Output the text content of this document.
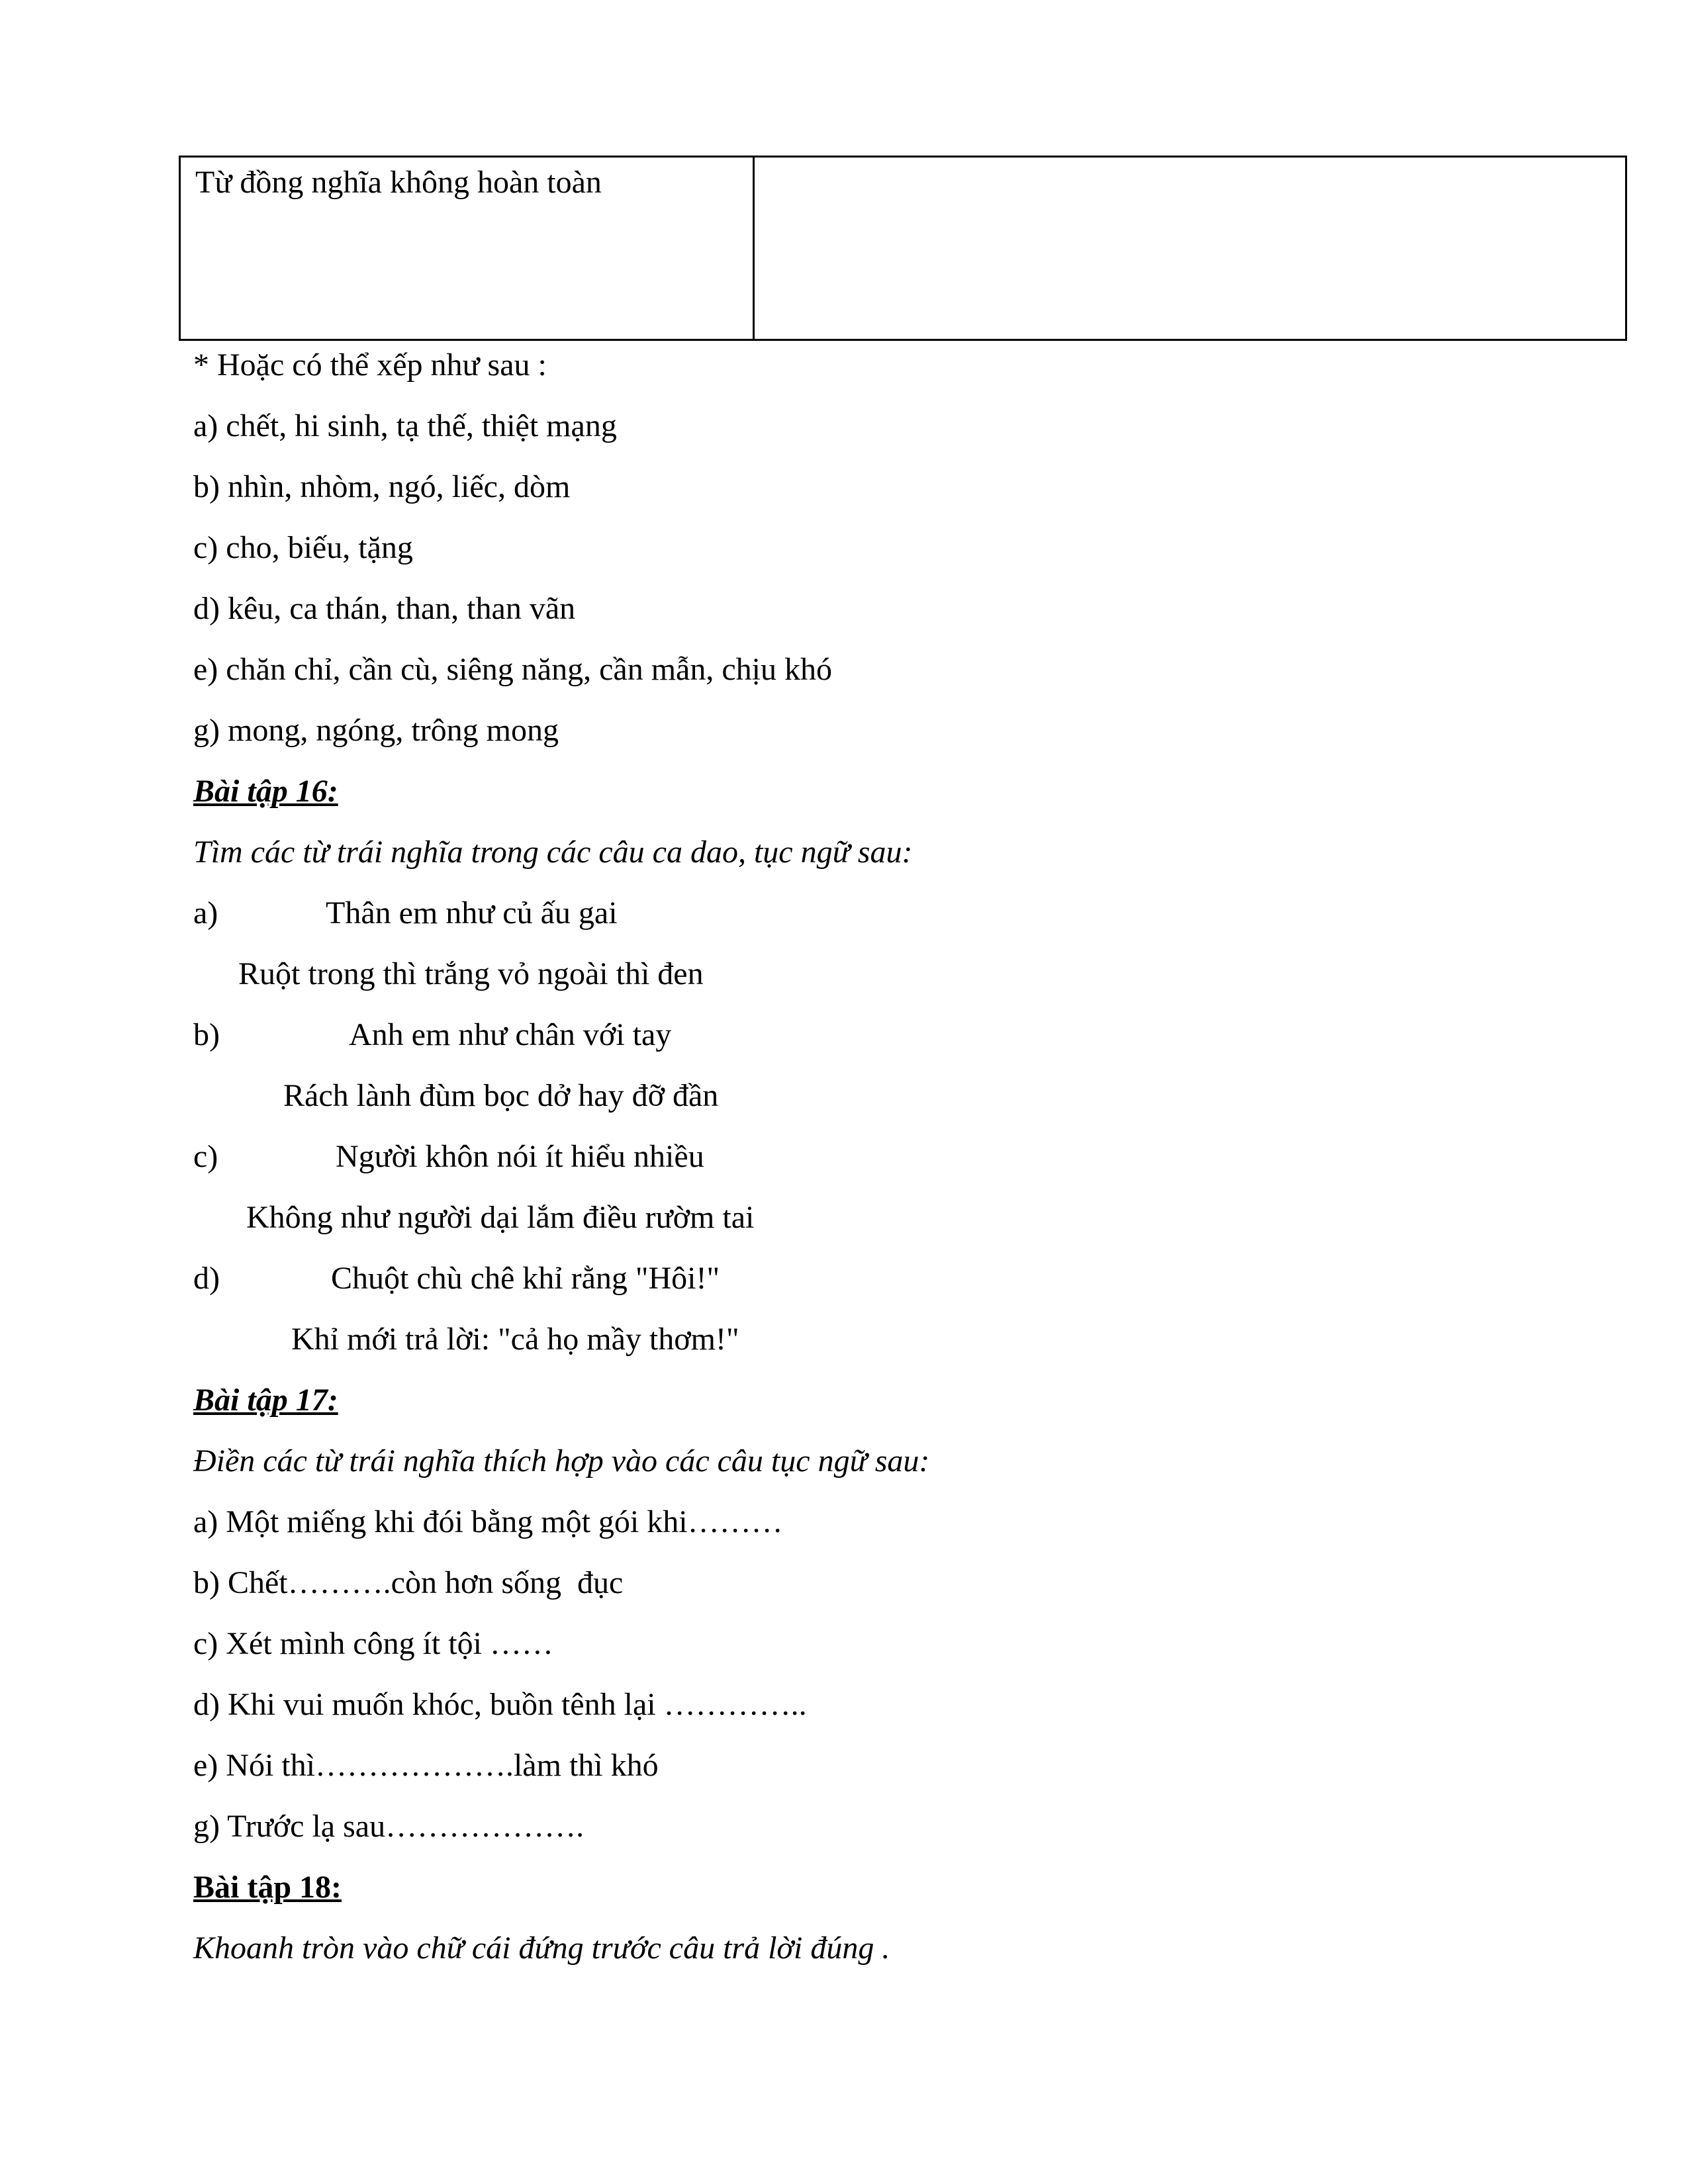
Từ đồng nghĩa không hoàn toàn	
* Hoặc có thể xếp như sau :
a) chết, hi sinh, tạ thế, thiệt mạng
b) nhìn, nhòm, ngó, liếc, dòm
c) cho, biếu, tặng
d) kêu, ca thán, than, than vãn
e) chăn chỉ, cần cù, siêng năng, cần mẫn, chịu khó
g) mong, ngóng, trông mong
Bài tập 16:
Tìm các từ trái nghĩa trong các câu ca dao, tục ngữ sau:
a)	Thân em như củ ấu gai
Ruột trong thì trắng vỏ ngoài thì đen
b)	Anh em như chân với tay
Rách lành đùm bọc dở hay đỡ đần
c)	Người khôn nói ít hiểu nhiều
Không như người dại lắm điều rườm tai
d)	Chuột chù chê khỉ rằng "Hôi!"
Khỉ mới trả lời: "cả họ mầy thơm!"
Bài tập 17:
Điền các từ trái nghĩa thích hợp vào các câu tục ngữ sau:
a) Một miếng khi đói bằng một gói khi………
b) Chết……….còn hơn sống  đục
c) Xét mình công ít tội ……
d) Khi vui muốn khóc, buồn tênh lại …………..
e) Nói thì……………….làm thì khó
g) Trước lạ sau……………….
Bài tập 18:
Khoanh tròn vào chữ cái đứng trước câu trả lời đúng .
